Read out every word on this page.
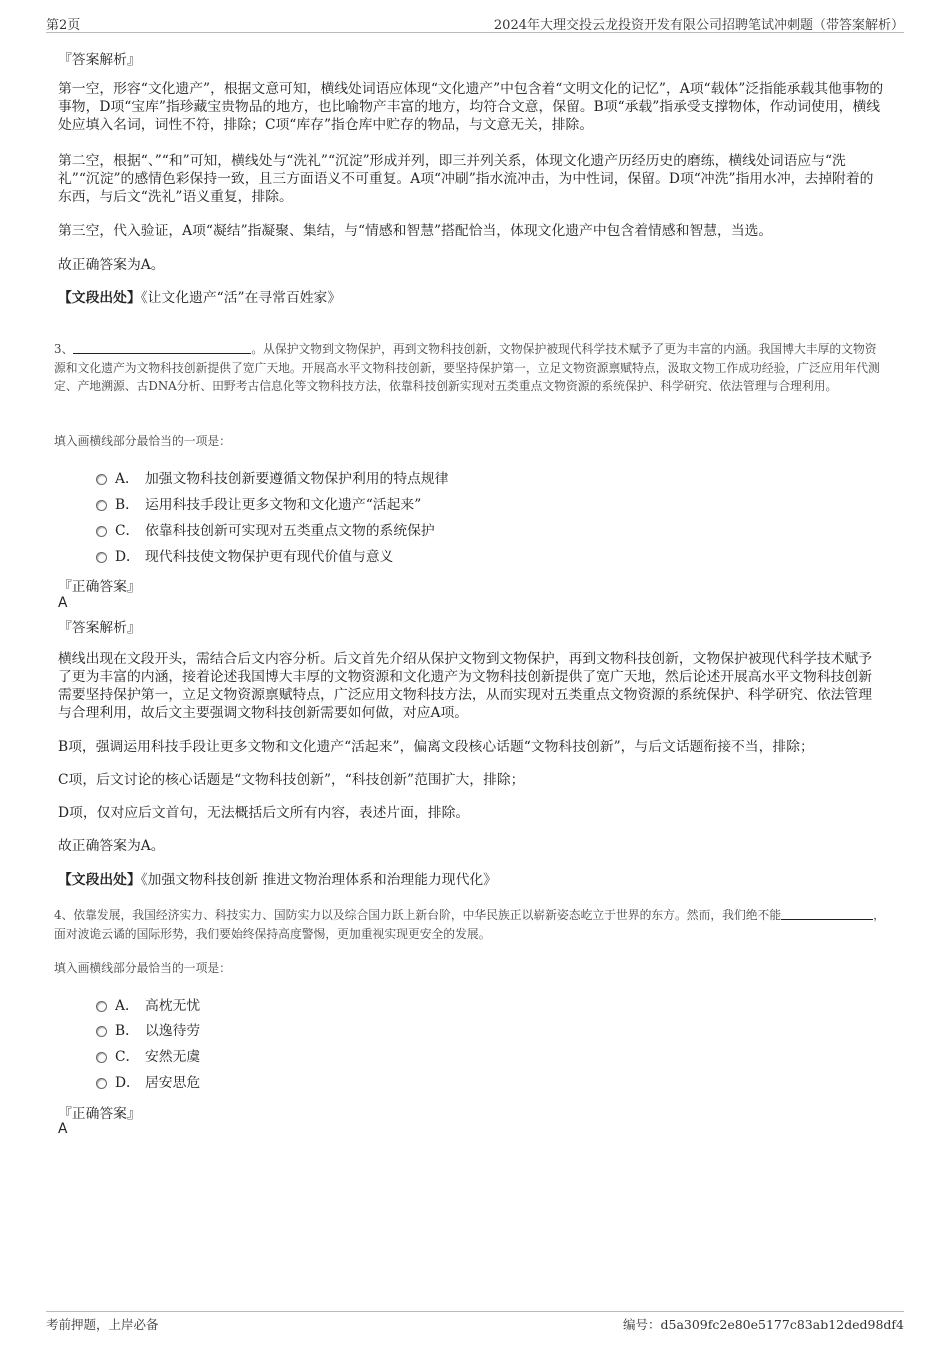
第2页	2024年大理交投云龙投资开发有限公司招聘笔试冲刺题（带答案解析）
『答案解析』
第一空，形容“文化遗产”，根据文意可知，横线处词语应体现“文化遗产”中包含着“文明文化的记忆”，A项“载体”泛指能承载其他事物的事物，D项“宝库”指珍藏宝贵物品的地方，也比喻物产丰富的地方，均符合文意，保留。B项“承载”指承受支撑物体，作动词使用，横线处应填入名词，词性不符，排除；C项“库存”指仓库中贮存的物品，与文意无关，排除。
第二空，根据“、”“和”可知，横线处与“洗礼”“沉淀”形成并列，即三并列关系，体现文化遗产历经历史的磨练，横线处词语应与“洗礼”“沉淀”的感情色彩保持一致，且三方面语义不可重复。A项“冲刷”指水流冲击，为中性词，保留。D项“冲洗”指用水冲，去掉附着的东西，与后文“洗礼”语义重复，排除。
第三空，代入验证，A项“凝结”指凝聚、集结，与“情感和智慧”搭配恰当，体现文化遗产中包含着情感和智慧，当选。
故正确答案为A。
【文段出处】《让文化遗产“活”在寻常百姓家》
3、	。从保护文物到文物保护，再到文物科技创新，文物保护被现代科学技术赋予了更为丰富的内涵。我国博大丰厚的文物资源和文化遗产为文物科技创新提供了宽广天地。开展高水平文物科技创新，要坚持保护第一，立足文物资源禀赋特点，汲取文物工作成功经验，广泛应用年代测定、产地溯源、古DNA分析、田野考古信息化等文物科技方法，依靠科技创新实现对五类重点文物资源的系统保护、科学研究、依法管理与合理利用。
填入画横线部分最恰当的一项是：
A． 加强文物科技创新要遵循文物保护利用的特点规律
B． 运用科技手段让更多文物和文化遗产“活起来”
C． 依靠科技创新可实现对五类重点文物的系统保护
D． 现代科技使文物保护更有现代价值与意义
『正确答案』
A
『答案解析』
横线出现在文段开头，需结合后文内容分析。后文首先介绍从保护文物到文物保护，再到文物科技创新，文物保护被现代科学技术赋予了更为丰富的内涵，接着论述我国博大丰厚的文物资源和文化遗产为文物科技创新提供了宽广天地，然后论述开展高水平文物科技创新需要坚持保护第一，立足文物资源禀赋特点，广泛应用文物科技方法，从而实现对五类重点文物资源的系统保护、科学研究、依法管理与合理利用，故后文主要强调文物科技创新需要如何做，对应A项。
B项，强调运用科技手段让更多文物和文化遗产“活起来”，偏离文段核心话题“文物科技创新”，与后文话题衔接不当，排除；
C项，后文讨论的核心话题是“文物科技创新”，“科技创新”范围扩大，排除；
D项，仅对应后文首句，无法概括后文所有内容，表述片面，排除。
故正确答案为A。
【文段出处】《加强文物科技创新 推进文物治理体系和治理能力现代化》
4、依靠发展，我国经济实力、科技实力、国防实力以及综合国力跃上新台阶，中华民族正以崭新姿态屹立于世界的东方。然而，我们绝不能	，面对波诡云谲的国际形势，我们要始终保持高度警惕，更加重视实现更安全的发展。
填入画横线部分最恰当的一项是：
A． 高枕无忧
B． 以逸待劳
C． 安然无虞
D． 居安思危
『正确答案』
A
考前押题，上岸必备	编号：d5a309fc2e80e5177c83ab12ded98df4
